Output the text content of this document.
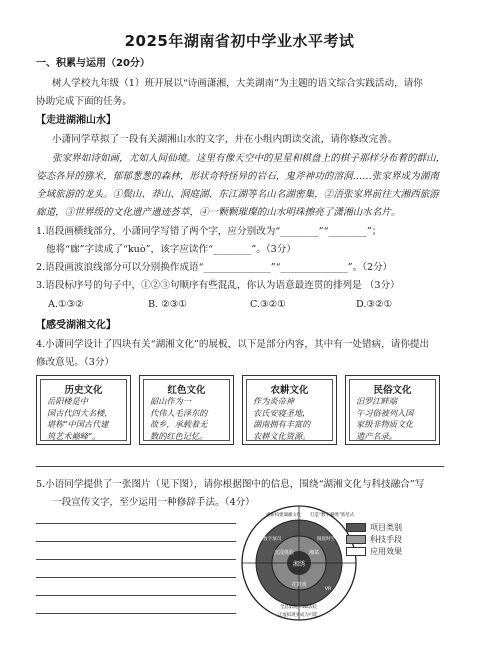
2025年湖南省初中学业水平考试
一、积累与运用（20分）
树人学校九年级（1）班开展以“诗画潇湘，大美湖南”为主题的语文综合实践活动，请你
协助完成下面的任务。
【走进湖湘山水】
小潇同学草拟了一段有关湖湘山水的文字，并在小组内朗读交流，请你修改完善。
张家界如诗如画，尤如人间仙境。这里有像天空中的星星和棋盘上的棋子那样分布着的群山，
姿态各异的猕米，郁郁葱葱的森林，形状奇特怪异的岩石，鬼斧神功的溶洞……张家界成为湖南
全域旅游的龙头。①鬓山、莽山、洞庭湖、东江湖等名山名湖密集，②浯张家界前往大湘西旅游
廊道，③世界级的文化遗产遗迹荟萃，④一颗颗璀璨的山水明珠擦亮了潇湘山水名片。
1.语段画横线部分，小潇同学写错了两个字，应分别改为“________”“________”；
他将“廊”字读成了“kuò”，该字应读作“________”。（3分）
2.语段画波浪线部分可以分别换作成语“______________”“______________”。（2分）
3.语段标序号的句子中，①②③句顺序有些混乱，你认为语意最连贯的排列是 （3分）
A.①③②	B. ②③①	C.③②①	D.③②①
【感受湖湘文化】
4.小潇同学设计了四块有关“湖湘文化”的展板，以下是部分内容，其中有一处错病，请你提出
修改意见。（3分）
历史文化
岳阳楼是中
国古代四大名楼，
堪称“中国古代建
筑艺术巅峰”。
红色文化
韶山作为一
代伟人毛泽东的
故乡，承载着无
数的红色记忆。
农耕文化
作为炎帝神
农氏安寝圣地，
湖南拥有丰富的
农耕文化资源。
民俗文化
汨罗江畔端
午习俗被列入国
家级非物质文化
遗产名录。
5.小语同学提供了一张图片（见下图），请你根据图中的信息，围绕“湖湘文化与科技融合”写
一段宣传文字，至少运用一种修辞手法。（4分）
湘绣
沉浸体验
花鼓戏
湘菜
AI数字演员	洞庭时空
VR
重新构建湖湘文化 打造“数字湘绣”新范式
全息影院、5D影院
让虚拟现实成为可能
项目类别
科技手段
应用效果
